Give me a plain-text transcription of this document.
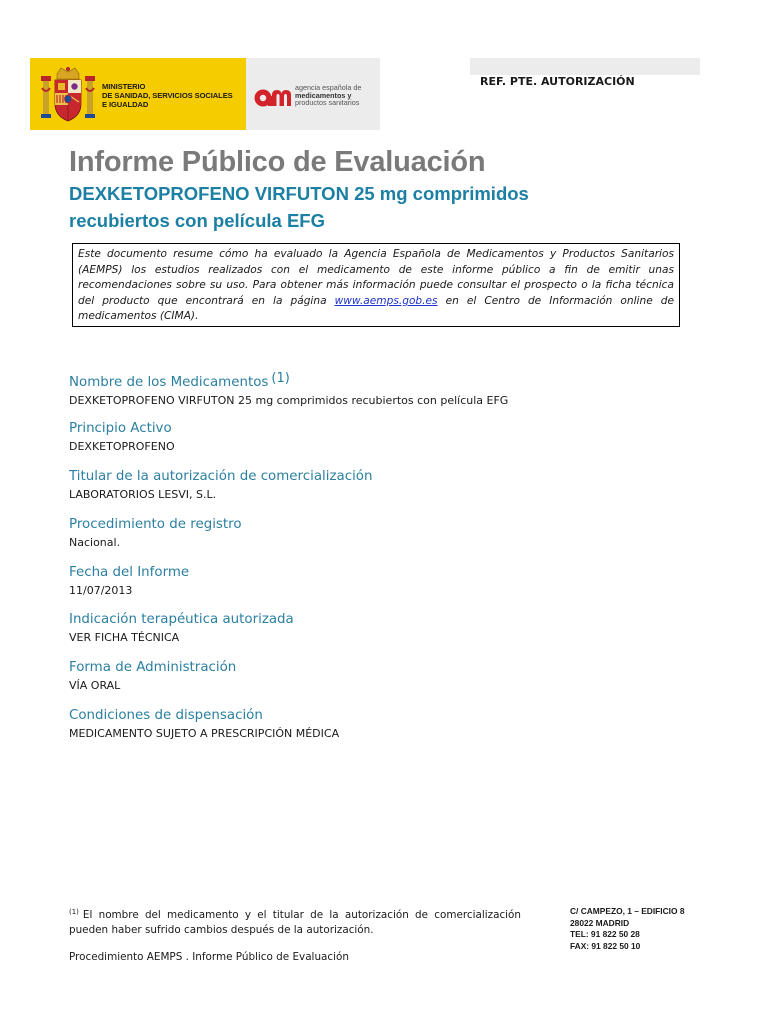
MINISTERIO
DE SANIDAD, SERVICIOS SOCIALES
E IGUALDAD
agencia española de
medicamentos y
productos sanitarios
REF. PTE. AUTORIZACIÓN
Informe Público de Evaluación
DEXKETOPROFENO VIRFUTON 25 mg comprimidos recubiertos con película EFG
Este documento resume cómo ha evaluado la Agencia Española de Medicamentos y Productos Sanitarios (AEMPS) los estudios realizados con el medicamento de este informe público a fin de emitir unas recomendaciones sobre su uso. Para obtener más información puede consultar el prospecto o la ficha técnica del producto que encontrará en la página www.aemps.gob.es en el Centro de Información online de medicamentos (CIMA).
Nombre de los Medicamentos $^{(1)}$
DEXKETOPROFENO VIRFUTON 25 mg comprimidos recubiertos con película EFG
Principio Activo
DEXKETOPROFENO
Titular de la autorización de comercialización
LABORATORIOS LESVI, S.L.
Procedimiento de registro
Nacional.
Fecha del Informe
11/07/2013
Indicación terapéutica autorizada
VER FICHA TÉCNICA
Forma de Administración
VÍA ORAL
Condiciones de dispensación
MEDICAMENTO SUJETO A PRESCRIPCIÓN MÉDICA
$^{(1)}$ El nombre del medicamento y el titular de la autorización de comercialización pueden haber sufrido cambios después de la autorización.
C/ CAMPEZO, 1 – EDIFICIO 8
28022 MADRID
TEL: 91 822 50 28
FAX: 91 822 50 10
Procedimiento AEMPS . Informe Público de Evaluación
